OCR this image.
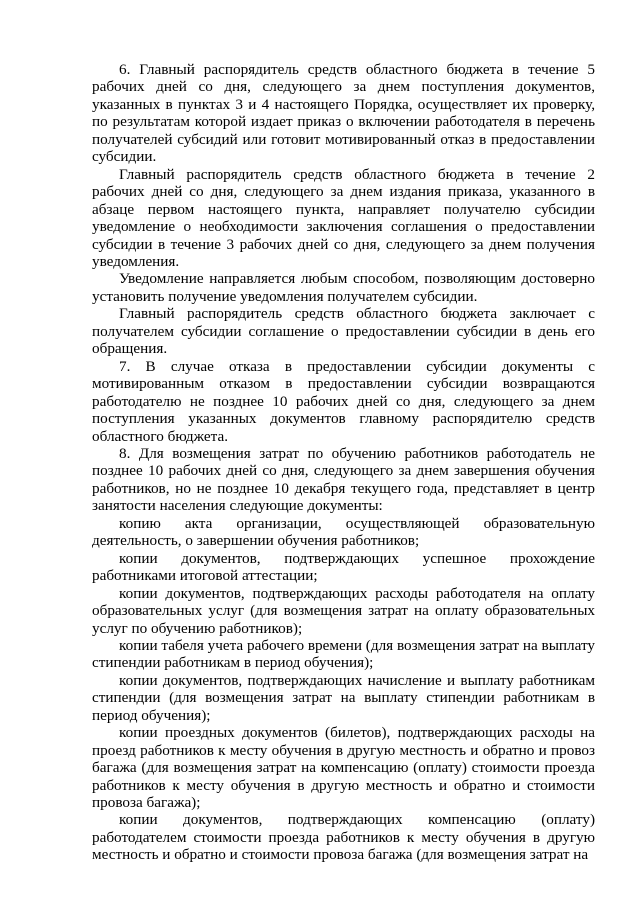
6. Главный распорядитель средств областного бюджета в течение 5 рабочих дней со дня, следующего за днем поступления документов, указанных в пунктах 3 и 4 настоящего Порядка, осуществляет их проверку, по результатам которой издает приказ о включении работодателя в перечень получателей субсидий или готовит мотивированный отказ в предоставлении субсидии.

Главный распорядитель средств областного бюджета в течение 2 рабочих дней со дня, следующего за днем издания приказа, указанного в абзаце первом настоящего пункта, направляет получателю субсидии уведомление о необходимости заключения соглашения о предоставлении субсидии в течение 3 рабочих дней со дня, следующего за днем получения уведомления.

Уведомление направляется любым способом, позволяющим достоверно установить получение уведомления получателем субсидии.

Главный распорядитель средств областного бюджета заключает с получателем субсидии соглашение о предоставлении субсидии в день его обращения.

7. В случае отказа в предоставлении субсидии документы с мотивированным отказом в предоставлении субсидии возвращаются работодателю не позднее 10 рабочих дней со дня, следующего за днем поступления указанных документов главному распорядителю средств областного бюджета.

8. Для возмещения затрат по обучению работников работодатель не позднее 10 рабочих дней со дня, следующего за днем завершения обучения работников, но не позднее 10 декабря текущего года, представляет в центр занятости населения следующие документы:

копию акта организации, осуществляющей образовательную деятельность, о завершении обучения работников;

копии документов, подтверждающих успешное прохождение работниками итоговой аттестации;

копии документов, подтверждающих расходы работодателя на оплату образовательных услуг (для возмещения затрат на оплату образовательных услуг по обучению работников);

копии табеля учета рабочего времени (для возмещения затрат на выплату стипендии работникам в период обучения);

копии документов, подтверждающих начисление и выплату работникам стипендии (для возмещения затрат на выплату стипендии работникам в период обучения);

копии проездных документов (билетов), подтверждающих расходы на проезд работников к месту обучения в другую местность и обратно и провоз багажа (для возмещения затрат на компенсацию (оплату) стоимости проезда работников к месту обучения в другую местность и обратно и стоимости провоза багажа);

копии документов, подтверждающих компенсацию (оплату) работодателем стоимости проезда работников к месту обучения в другую местность и обратно и стоимости провоза багажа (для возмещения затрат на
